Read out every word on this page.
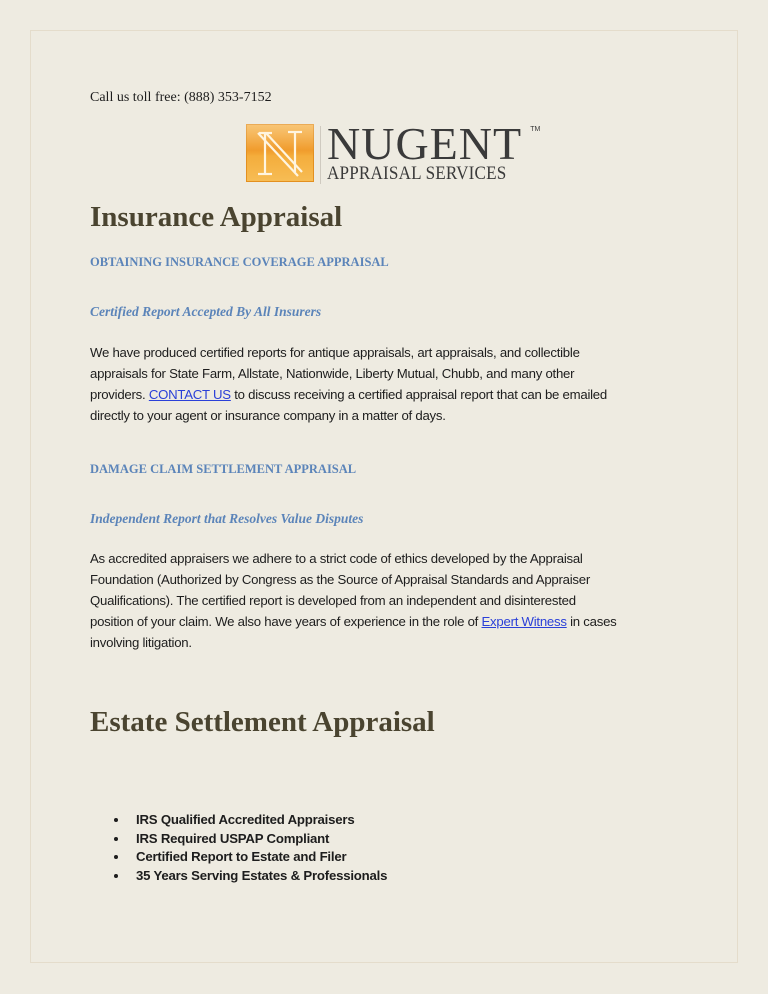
Call us toll free: (888) 353-7152
NUGENT	TM
APPRAISAL SERVICES
Insurance Appraisal
OBTAINING INSURANCE COVERAGE APPRAISAL
Certified Report Accepted By All Insurers

We have produced certified reports for antique appraisals, art appraisals, and collectible
appraisals for State Farm, Allstate, Nationwide, Liberty Mutual, Chubb, and many other
providers. CONTACT US to discuss receiving a certified appraisal report that can be emailed
directly to your agent or insurance company in a matter of days.

DAMAGE CLAIM SETTLEMENT APPRAISAL
Independent Report that Resolves Value Disputes

As accredited appraisers we adhere to a strict code of ethics developed by the Appraisal
Foundation (Authorized by Congress as the Source of Appraisal Standards and Appraiser
Qualifications). The certified report is developed from an independent and disinterested
position of your claim. We also have years of experience in the role of Expert Witness in cases
involving litigation.

Estate Settlement Appraisal
IRS Qualified Accredited Appraisers
IRS Required USPAP Compliant
Certified Report to Estate and Filer
35 Years Serving Estates & Professionals
